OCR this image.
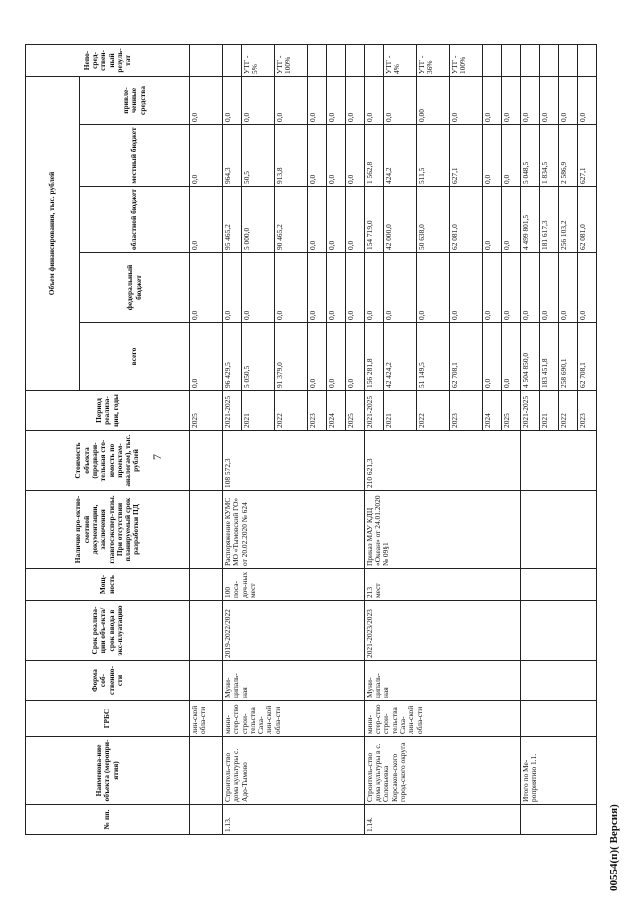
7
№ пп.	Наименова-ние объекта (меропри-ятия)	ГРБС	Форма соб-ственно-сти	Срок реализа-ции объ-екта/срок ввода в экс-плуатацию	Мощ-ность	Наличие про-ектно-сметной документации, заключения главгосэкспер-тизы. При отсутствии планируемый срок разработки ПД	Стоимость объекта (предвари-тельная сто-имость по проектам-аналогам), тыс. рублей	Период реализа-ции, годы	Объем финансирования, тыс. рублей					Непо-сред-ствен-ный резуль-тат
									всего	федеральный бюджет	областной бюджет	местный бюджет	привле-ченные средства	
		лин-ской обла-сти						2025	0,0	0,0	0,0	0,0	0,0	
1.13.	Строитель-ство дома культуры с. Адо-Тымово	мини-стер-ство строи-тельства Саха-лин-ской обла-сти	Муни-ципаль-ная	2019-2022/2022	100 поса-доч-ных мест	Распоряжение КУМС МО «Тымовский ГО» от 20.02.2020 № 624	108 572,3	2021-2025	96 429,5	0,0	95 465,2	964,3	0,0	
								2021	5 050,5	0,0	5 000,0	50,5	0,0	УТГ - 5%
								2022	91 379,0	0,0	90 465,2	913,8	0,0	УТГ - 100%
								2023	0,0	0,0	0,0	0,0	0,0	
								2024	0,0	0,0	0,0	0,0	0,0	
								2025	0,0	0,0	0,0	0,0	0,0	
1.14.	Строитель-ство дома культуры в с. Соловьевка Корсаков-ского город-ского округа	мини-стер-ство строи-тельства Саха-лин-ской обла-сти	Муни-ципаль-ная	2021-2023/2023	213 мест	Приказ МАУ КДЦ «Океан» от 24.01.2020 № 09§1	210 621,3	2021-2025	156 281,8	0,0	154 719,0	1 562,8	0,0	
								2021	42 424,2	0,0	42 000,0	424,2	0,0	УТГ - 4%
								2022	51 149,5	0,0	50 638,0	511,5	0,00	УТГ - 36%
								2023	62 708,1	0,0	62 081,0	627,1	0,0	УТГ - 100%
								2024	0,0	0,0	0,0	0,0	0,0	
								2025	0,0	0,0	0,0	0,0	0,0	
	Итого по Ме-роприятию 1.1.							2021-2025	4 504 850,0	0,0	4 499 801,5	5 048,5	0,0	
								2021	183 451,8	0,0	181 617,3	1 834,5	0,0	
								2022	258 690,1	0,0	256 103,2	2 586,9	0,0	
								2023	62 708,1	0,0	62 081,0	627,1	0,0	
00554(п)( Версия)
